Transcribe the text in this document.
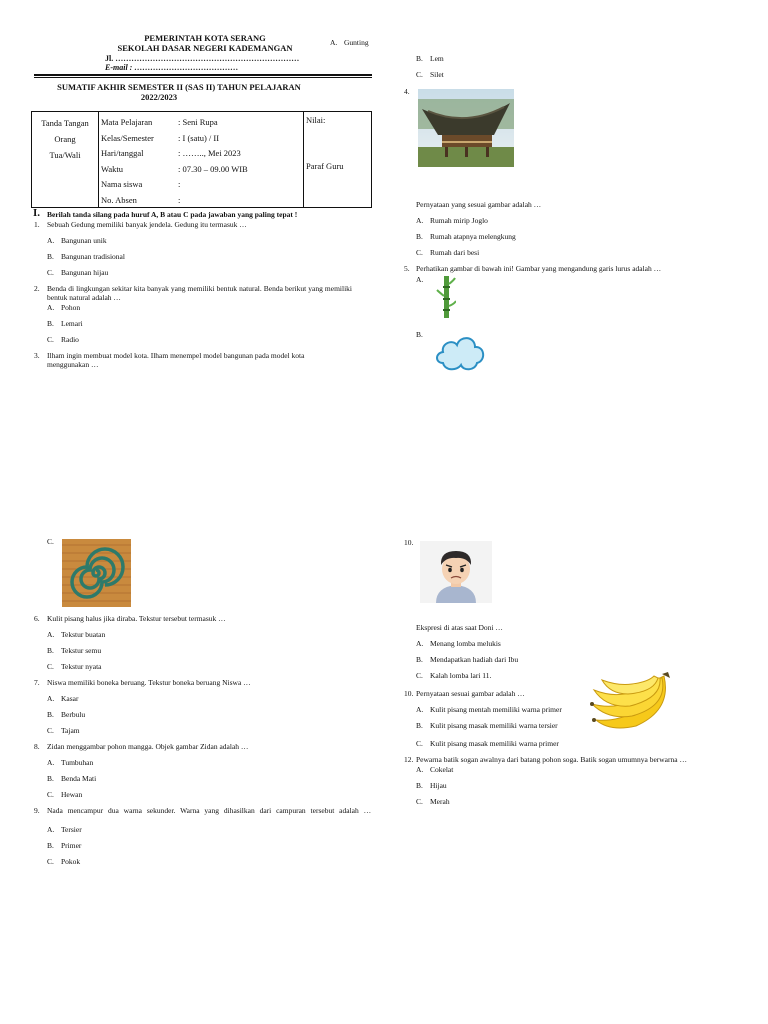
PEMERINTAH KOTA SERANG
SEKOLAH DASAR NEGERI KADEMANGAN
Jl. ……………………………………………………………
E-mail : …………………………………
SUMATIF AKHIR SEMESTER II (SAS II) TAHUN PELAJARAN
2022/2023
Tanda Tangan
Orang
Tua/Wali
Mata Pelajaran
Kelas/Semester
Hari/tanggal
Waktu
Nama siswa
No. Absen
: Seni Rupa
: I (satu) / II
: …….., Mei 2023
: 07.30 – 09.00 WIB
:
:
Nilai:
Paraf Guru
I. Berilah tanda silang pada huruf A, B atau C pada jawaban yang paling tepat !
1. Sebuah Gedung memiliki banyak jendela. Gedung itu termasuk …
A. Bangunan unik
B. Bangunan tradisional
C. Bangunan hijau
2. Benda di lingkungan sekitar kita banyak yang memiliki bentuk natural. Benda berikut yang memiliki bentuk natural adalah …
A. Pohon
B. Lemari
C. Radio
3. Ilham ingin membuat model kota. Ilham menempel model bangunan pada model kota menggunakan …
A. Gunting
B. Lem
C. Silet
4.
Pernyataan yang sesuai gambar adalah …
A. Rumah mirip Joglo
B. Rumah atapnya melengkung
C. Rumah dari besi
5. Perhatikan gambar di bawah ini! Gambar yang mengandung garis lurus adalah …
A.
B.
C.
6. Kulit pisang halus jika diraba. Tekstur tersebut termasuk …
A. Tekstur buatan
B. Tekstur semu
C. Tekstur nyata
7. Niswa memiliki boneka beruang. Tekstur boneka beruang Niswa …
A. Kasar
B. Berbulu
C. Tajam
8. Zidan menggambar pohon mangga. Objek gambar Zidan adalah …
A. Tumbuhan
B. Benda Mati
C. Hewan
9. Nada mencampur dua warna sekunder. Warna yang dihasilkan dari campuran tersebut adalah …
A. Tersier
B. Primer
C. Pokok
10.
Ekspresi di atas saat Doni …
A. Menang lomba melukis
B. Mendapatkan hadiah dari Ibu
C. Kalah lomba lari 11.
10. Pernyataan sesuai gambar adalah …
A. Kulit pisang mentah memiliki warna primer
B. Kulit pisang masak memiliki warna tersier
C. Kulit pisang masak memiliki warna primer
12. Pewarna batik sogan awalnya dari batang pohon soga. Batik sogan umumnya berwarna …
A. Cokelat
B. Hijau
C. Merah
